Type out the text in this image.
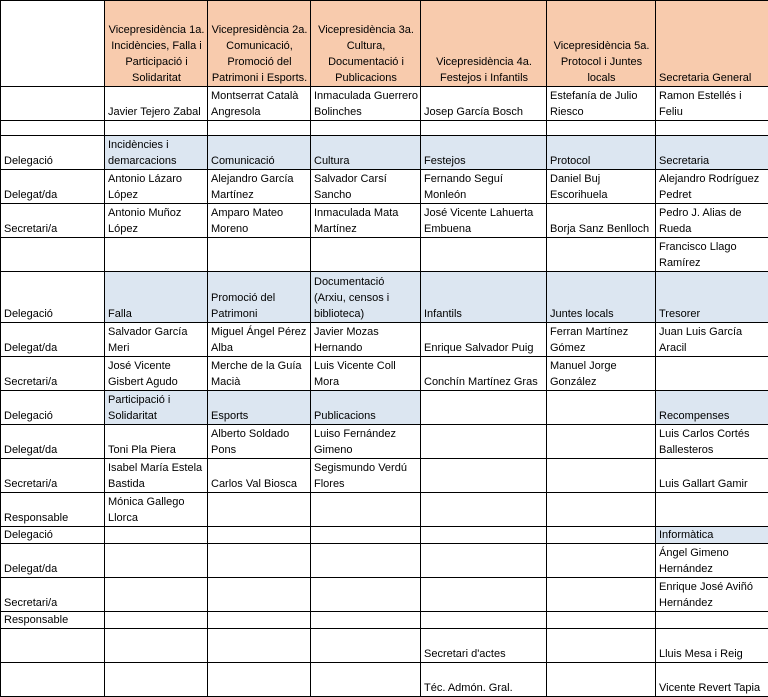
	Vicepresidència 1a. Incidències, Falla i Participació i Solidaritat	Vicepresidència 2a. Comunicació, Promoció del Patrimoni i Esports.	Vicepresidència 3a. Cultura, Documentació i Publicacions	Vicepresidència 4a. Festejos i Infantils	Vicepresidència 5a. Protocol i Juntes locals	Secretaria General
	Javier Tejero Zabal	Montserrat Català Angresola	Inmaculada Guerrero Bolinches	Josep García Bosch	Estefanía de Julio Riesco	Ramon Estellés i Feliu

Delegació	Incidències i demarcacions	Comunicació	Cultura	Festejos	Protocol	Secretaria
Delegat/da	Antonio Lázaro López	Alejandro García Martínez	Salvador Carsí Sancho	Fernando Seguí Monleón	Daniel Buj Escorihuela	Alejandro Rodríguez Pedret
Secretari/a	Antonio Muñoz López	Amparo Mateo Moreno	Inmaculada Mata Martínez	José Vicente Lahuerta Embuena	Borja Sanz Benlloch	Pedro J. Alias de Rueda
						Francisco Llago Ramírez
Delegació	Falla	Promoció del Patrimoni	Documentació (Arxiu, censos i biblioteca)	Infantils	Juntes locals	Tresorer
Delegat/da	Salvador García Meri	Miguel Ángel Pérez Alba	Javier Mozas Hernando	Enrique Salvador Puig	Ferran Martínez Gómez	Juan Luis García Aracil
Secretari/a	José Vicente Gisbert Agudo	Merche de la Guía Macià	Luis Vicente Coll Mora	Conchín Martínez Gras	Manuel Jorge González	
Delegació	Participació i Solidaritat	Esports	Publicacions			Recompenses
Delegat/da	Toni Pla Piera	Alberto Soldado Pons	Luiso Fernández Gimeno			Luis Carlos Cortés Ballesteros
Secretari/a	Isabel María Estela Bastida	Carlos Val Biosca	Segismundo Verdú Flores			Luis Gallart Gamir
Responsable	Mónica Gallego Llorca					
Delegació						Informàtica
Delegat/da						Ángel Gimeno Hernández
Secretari/a						Enrique José Aviñó Hernández
Responsable						
				Secretari d'actes		Lluis Mesa i Reig
				Téc. Admón. Gral.		Vicente Revert Tapia
